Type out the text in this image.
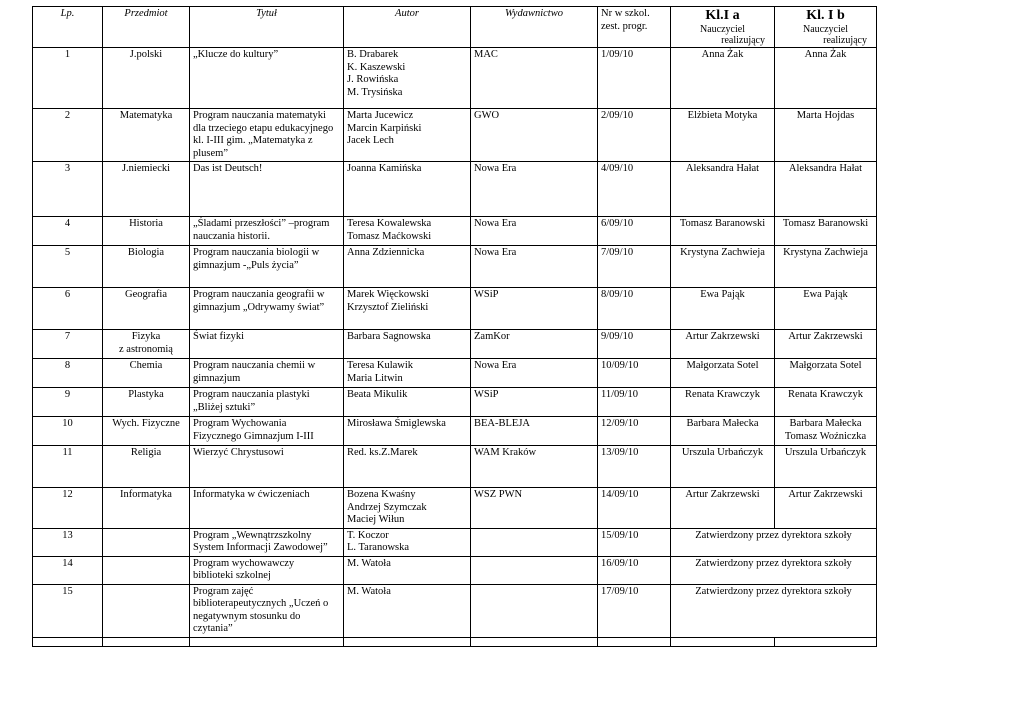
Lp.	Przedmiot	Tytuł	Autor	Wydawnictwo	Nr w szkol.
zest. progr.	Kl.I a
Nauczyciel
realizujący	Kl. I b
Nauczyciel
realizujący

1	J.polski	„Klucze do kultury”	B. Drabarek
K. Kaszewski
J. Rowińska
M. Trysińska	MAC	1/09/10	Anna Żak	Anna Żak

2	Matematyka	Program nauczania matematyki
dla trzeciego etapu edukacyjnego
kl. I-III gim. „Matematyka z
plusem”	Marta Jucewicz
Marcin Karpiński
Jacek Lech	GWO	2/09/10	Elżbieta Motyka	Marta Hojdas

3	J.niemiecki	Das ist Deutsch!	Joanna Kamińska	Nowa Era	4/09/10	Aleksandra Hałat	Aleksandra Hałat

4	Historia	„Śladami przeszłości” –program
nauczania historii.	Teresa Kowalewska
Tomasz Maćkowski	Nowa Era	6/09/10	Tomasz Baranowski	Tomasz Baranowski

5	Biologia	Program nauczania biologii w
gimnazjum -„Puls życia”	Anna Zdziennicka	Nowa Era	7/09/10	Krystyna Zachwieja	Krystyna Zachwieja

6	Geografia	Program nauczania geografii w
gimnazjum „Odrywamy świat”	Marek Więckowski
Krzysztof Zieliński	WSiP	8/09/10	Ewa Pająk	Ewa Pająk

7	Fizyka
z astronomią	Świat fizyki	Barbara Sagnowska	ZamKor	9/09/10	Artur Zakrzewski	Artur Zakrzewski

8	Chemia	Program nauczania chemii w
gimnazjum	Teresa Kulawik
Maria Litwin	Nowa Era	10/09/10	Małgorzata Sotel	Małgorzata Sotel

9	Plastyka	Program nauczania plastyki
„Bliżej sztuki”	Beata Mikulik	WSiP	11/09/10	Renata Krawczyk	Renata Krawczyk

10	Wych. Fizyczne	Program Wychowania
Fizycznego Gimnazjum I-III	Mirosława Śmiglewska	BEA-BLEJA	12/09/10	Barbara Małecka	Barbara Małecka
Tomasz Woźniczka

11	Religia	Wierzyć Chrystusowi	Red. ks.Z.Marek	WAM Kraków	13/09/10	Urszula Urbańczyk	Urszula Urbańczyk

12	Informatyka	Informatyka w ćwiczeniach	Bozena Kwaśny
Andrzej Szymczak
Maciej Wiłun	WSZ PWN	14/09/10	Artur Zakrzewski	Artur Zakrzewski

13		Program „Wewnątrzszkolny
System Informacji Zawodowej”	T. Koczor
L. Taranowska		15/09/10	Zatwierdzony przez dyrektora szkoły	
14		Program wychowawczy
biblioteki szkolnej	M. Watoła		16/09/10	Zatwierdzony przez dyrektora szkoły	
15		Program zajęć
biblioterapeutycznych „Uczeń o
negatywnym stosunku do
czytania”	M. Watoła		17/09/10	Zatwierdzony przez dyrektora szkoły	
